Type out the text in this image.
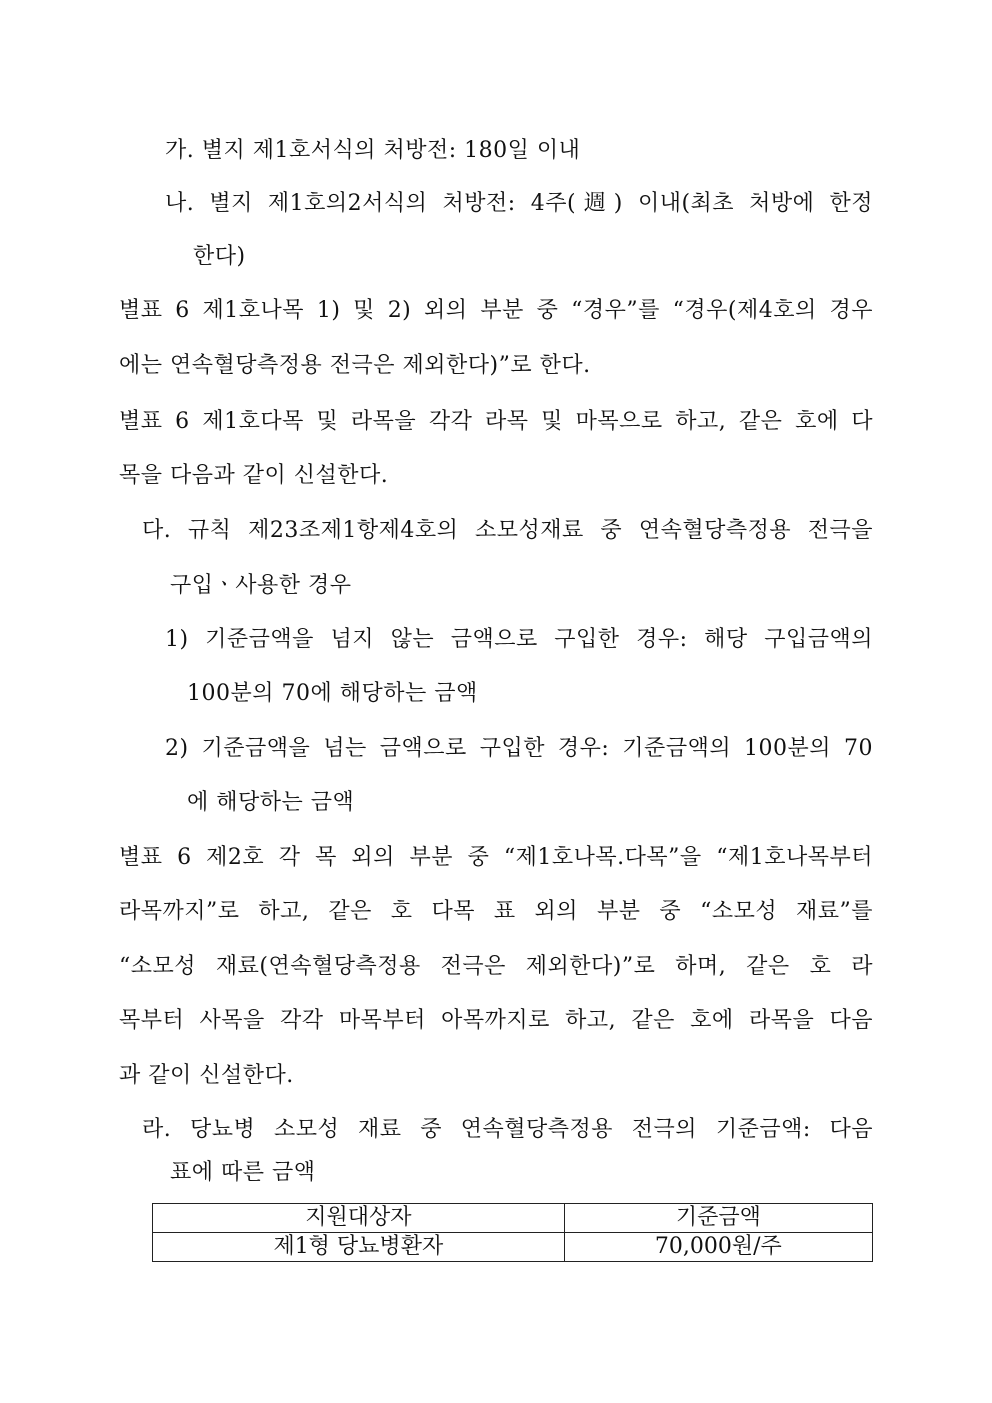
가. 별지 제1호서식의 처방전: 180일 이내
나. 별지 제1호의2서식의 처방전: 4주(週) 이내(최초 처방에 한정
한다)
별표 6 제1호나목 1) 및 2) 외의 부분 중 “경우”를 “경우(제4호의 경우
에는 연속혈당측정용 전극은 제외한다)”로 한다.
별표 6 제1호다목 및 라목을 각각 라목 및 마목으로 하고, 같은 호에 다
목을 다음과 같이 신설한다.
다. 규칙 제23조제1항제4호의 소모성재료 중 연속혈당측정용 전극을
구입ㆍ사용한 경우
1) 기준금액을 넘지 않는 금액으로 구입한 경우: 해당 구입금액의
100분의 70에 해당하는 금액
2) 기준금액을 넘는 금액으로 구입한 경우: 기준금액의 100분의 70
에 해당하는 금액
별표 6 제2호 각 목 외의 부분 중 “제1호나목.다목”을 “제1호나목부터
라목까지”로 하고, 같은 호 다목 표 외의 부분 중 “소모성 재료”를
“소모성 재료(연속혈당측정용 전극은 제외한다)”로 하며, 같은 호 라
목부터 사목을 각각 마목부터 아목까지로 하고, 같은 호에 라목을 다음
과 같이 신설한다.
라. 당뇨병 소모성 재료 중 연속혈당측정용 전극의 기준금액: 다음
표에 따른 금액
지원대상자	기준금액
제1형 당뇨병환자	70,000원/주
